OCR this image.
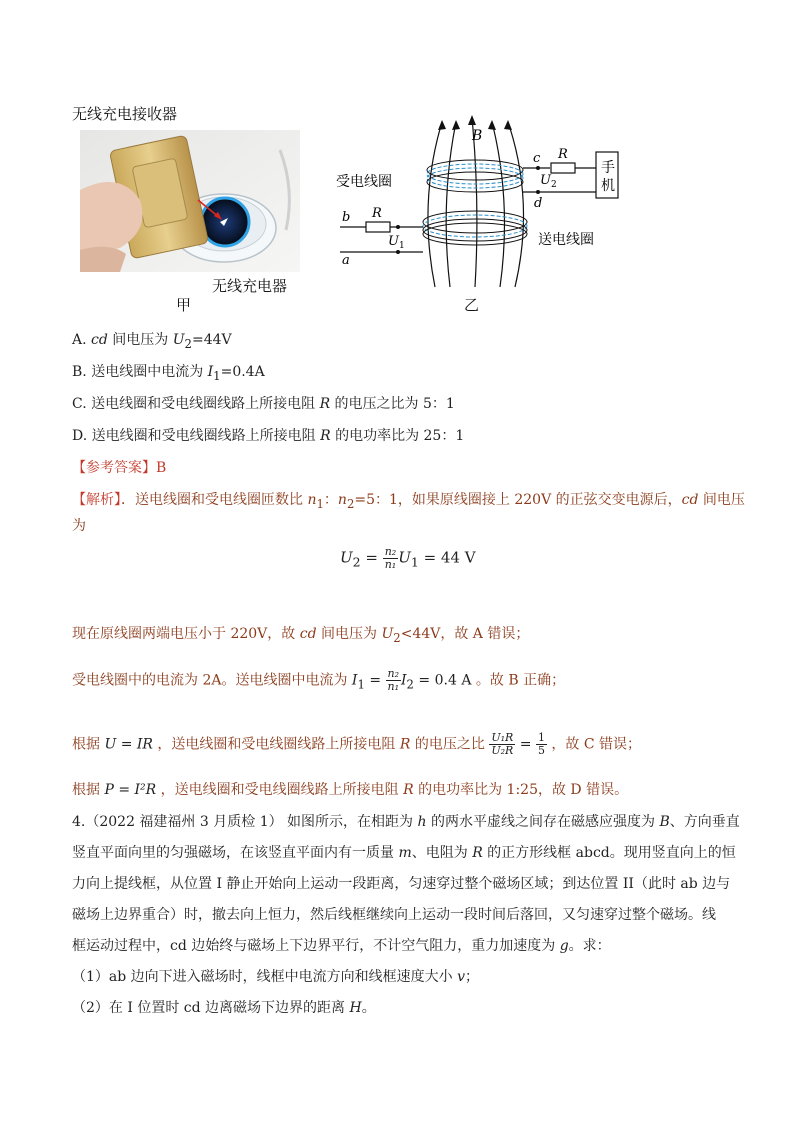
无线充电接收器
无线充电器
甲
B
c R
$U_2$
d
手
机
b R
$U_1$
a
受电线圈
送电线圈
乙
A. cd 间电压为 $U_2=44V$
B. 送电线圈中电流为 $I_1=0.4A$
C. 送电线圈和受电线圈线路上所接电阻 R 的电压之比为 5：1
D. 送电线圈和受电线圈线路上所接电阻 R 的电功率比为 25：1
【参考答案】B
【解析】．送电线圈和受电线圈匝数比 $n_1$：$n_2=5$：1，如果原线圈接上 220V 的正弦交变电源后，cd 间电压
为
$U_2 = \frac{\text{n₂}}{\text{n₁}} U_1 = 44$ V
现在原线圈两端电压小于 220V，故 cd 间电压为 $U_2<44V$，故 A 错误；
受电线圈中的电流为 2A。送电线圈中电流为 $I_1 = \frac{\text{n₂}}{\text{n₁}} I_2 = 0.4$ A 。故 B 正确；
根据 U = IR ，送电线圈和受电线圈线路上所接电阻 R 的电压之比 $\frac{\text{U₁R}}{\text{U₂R}} = \frac{1}{5}$ ，故 C 错误；
根据 P = I²R ，送电线圈和受电线圈线路上所接电阻 R 的电功率比为 1:25，故 D 错误。
4.（2022 福建福州 3 月质检 1） 如图所示，在相距为 h 的两水平虚线之间存在磁感应强度为 B、方向垂直
竖直平面向里的匀强磁场，在该竖直平面内有一质量 m、电阻为 R 的正方形线框 abcd。现用竖直向上的恒
力向上提线框，从位置 I 静止开始向上运动一段距离，匀速穿过整个磁场区域；到达位置 II（此时 ab 边与
磁场上边界重合）时，撤去向上恒力，然后线框继续向上运动一段时间后落回，又匀速穿过整个磁场。线
框运动过程中，cd 边始终与磁场上下边界平行，不计空气阻力，重力加速度为 g。求：
（1）ab 边向下进入磁场时，线框中电流方向和线框速度大小 v；
（2）在 I 位置时 cd 边离磁场下边界的距离 H。
